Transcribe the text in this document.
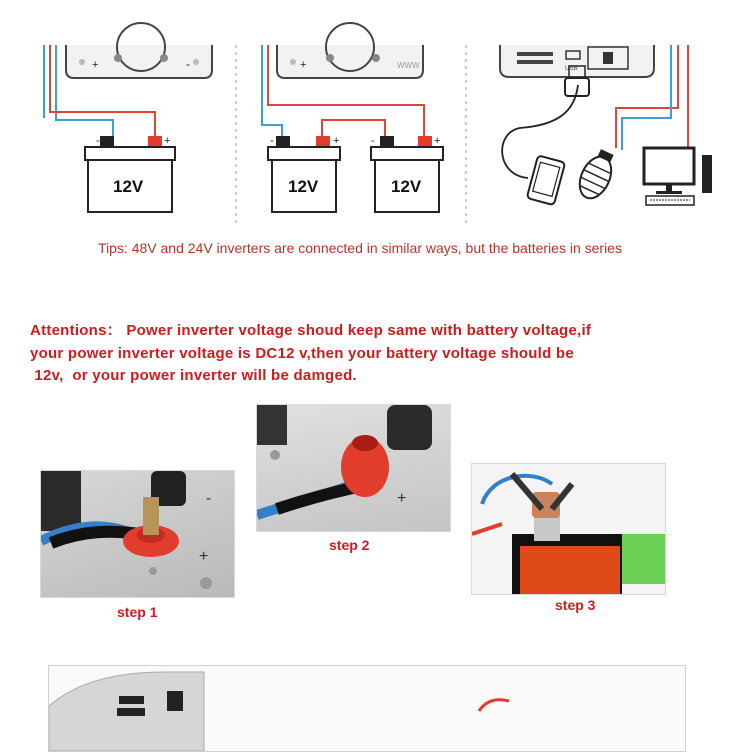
+	-	+	WWW	USB
-	+
12V
-	+
12V
-	+
12V
Tips: 48V and 24V inverters are connected in similar ways, but the batteries in series
Attentions： Power inverter voltage shoud keep same with battery voltage,if
your power inverter voltage is DC12 v,then your battery voltage should be
12v,  or your power inverter will be damged.
+
-
step 1
+
step 2
step 3
